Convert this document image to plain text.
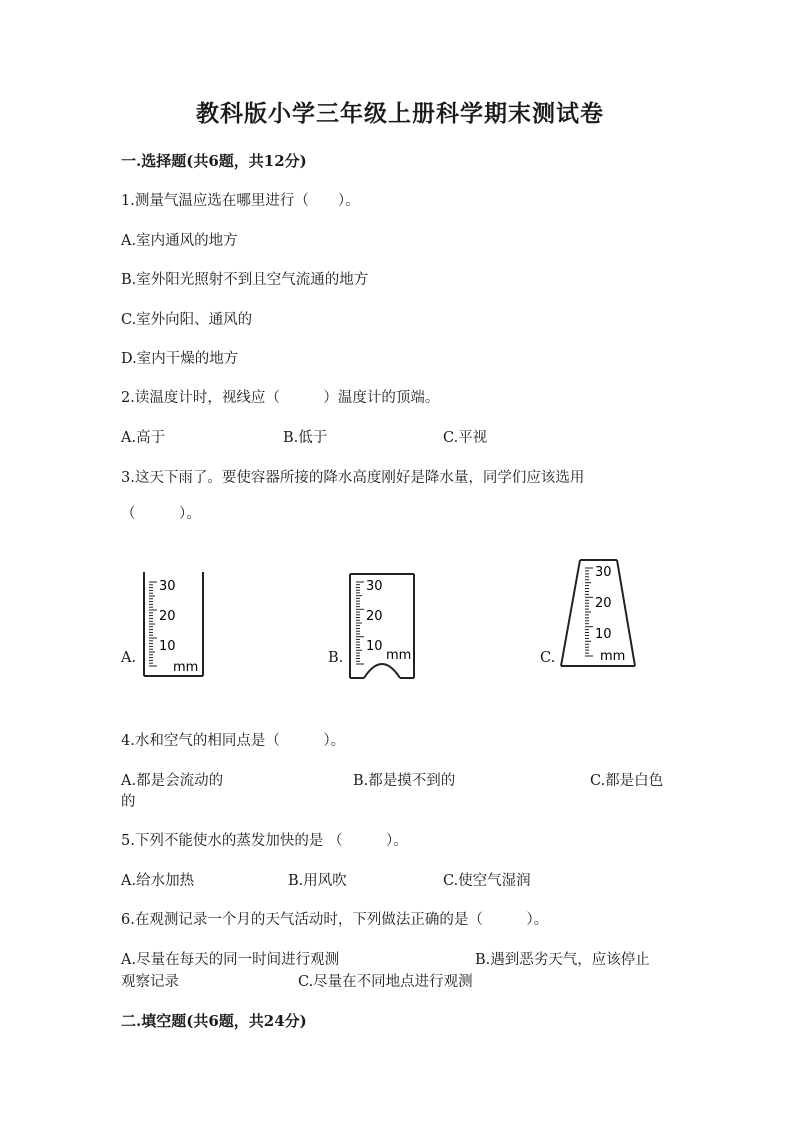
教科版小学三年级上册科学期末测试卷
一.选择题(共6题，共12分)
1.测量气温应选在哪里进行（　　）。
A.室内通风的地方
B.室外阳光照射不到且空气流通的地方
C.室外向阳、通风的
D.室内干燥的地方
2.读温度计时，视线应（　　　）温度计的顶端。
A.高于	B.低于	C.平视
3.这天下雨了。要使容器所接的降水高度刚好是降水量，同学们应该选用
（　　　）。
A.	B.	C.
30
20
10
mm
30
20
10
mm
30
20
10
mm
4.水和空气的相同点是（　　　）。
A.都是会流动的	B.都是摸不到的	C.都是白色
的
5.下列不能使水的蒸发加快的是 （　　　）。
A.给水加热	B.用风吹	C.使空气湿润
6.在观测记录一个月的天气活动时，下列做法正确的是（　　　）。
A.尽量在每天的同一时间进行观测	B.遇到恶劣天气，应该停止
观察记录	C.尽量在不同地点进行观测
二.填空题(共6题，共24分)
